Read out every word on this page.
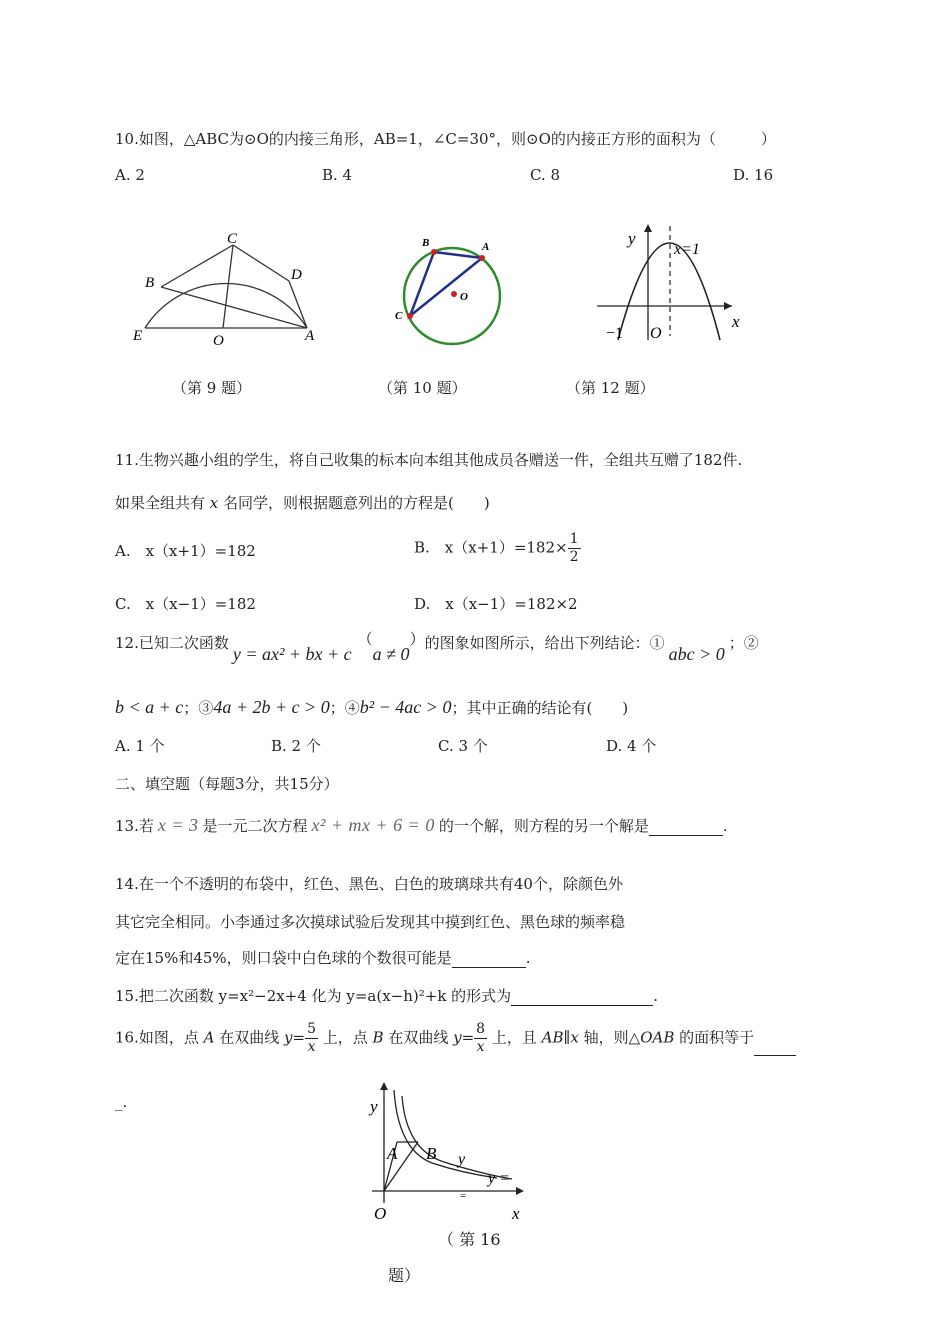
10.如图，△ABC为⊙O的内接三角形，AB=1，∠C=30°，则⊙O的内接正方形的面积为（　　　）
A. 2	B. 4	C. 8	D. 16
C
B	D
E	O	A
（第 9 题）
B	A
C
O
（第 10 题）
y
x
x=1
−1 O
（第 12 题）
11.生物兴趣小组的学生，将自己收集的标本向本组其他成员各赠送一件，全组共互赠了182件.
如果全组共有 x 名同学，则根据题意列出的方程是(　　)
A.　x（x+1）=182	B.　$x(x+1)=182\times \frac{1}{2}$
C.　x（x−1）=182	D.　x（x−1）=182×2
12.已知二次函数y = ax² + bx + c（a ≠ 0）的图象如图所示，给出下列结论：①abc > 0；②
b < a + c；③4a + 2b + c > 0；④b² − 4ac > 0；其中正确的结论有(　　)
A. 1 个	B. 2 个	C. 3 个	D. 4 个
二、填空题（每题3分，共15分）
13.若 x = 3 是一元二次方程 x² + mx + 6 = 0 的一个解，则方程的另一个解是	.
14.在一个不透明的布袋中，红色、黑色、白色的玻璃球共有40个，除颜色外
其它完全相同。小李通过多次摸球试验后发现其中摸到红色、黑色球的频率稳
定在15%和45%，则口袋中白色球的个数很可能是	.
15.把二次函数 y=x²−2x+4 化为 y=a(x−h)²+k 的形式为	.
16.如图，点 A 在双曲线 $y= \frac{5}{x}$ 上，点 B 在双曲线 $y= \frac{8}{x}$ 上，且 AB∥x 轴，则△OAB 的面积等于
_.	y
x
O
A B y
y =
=
（ 第 16
题）
